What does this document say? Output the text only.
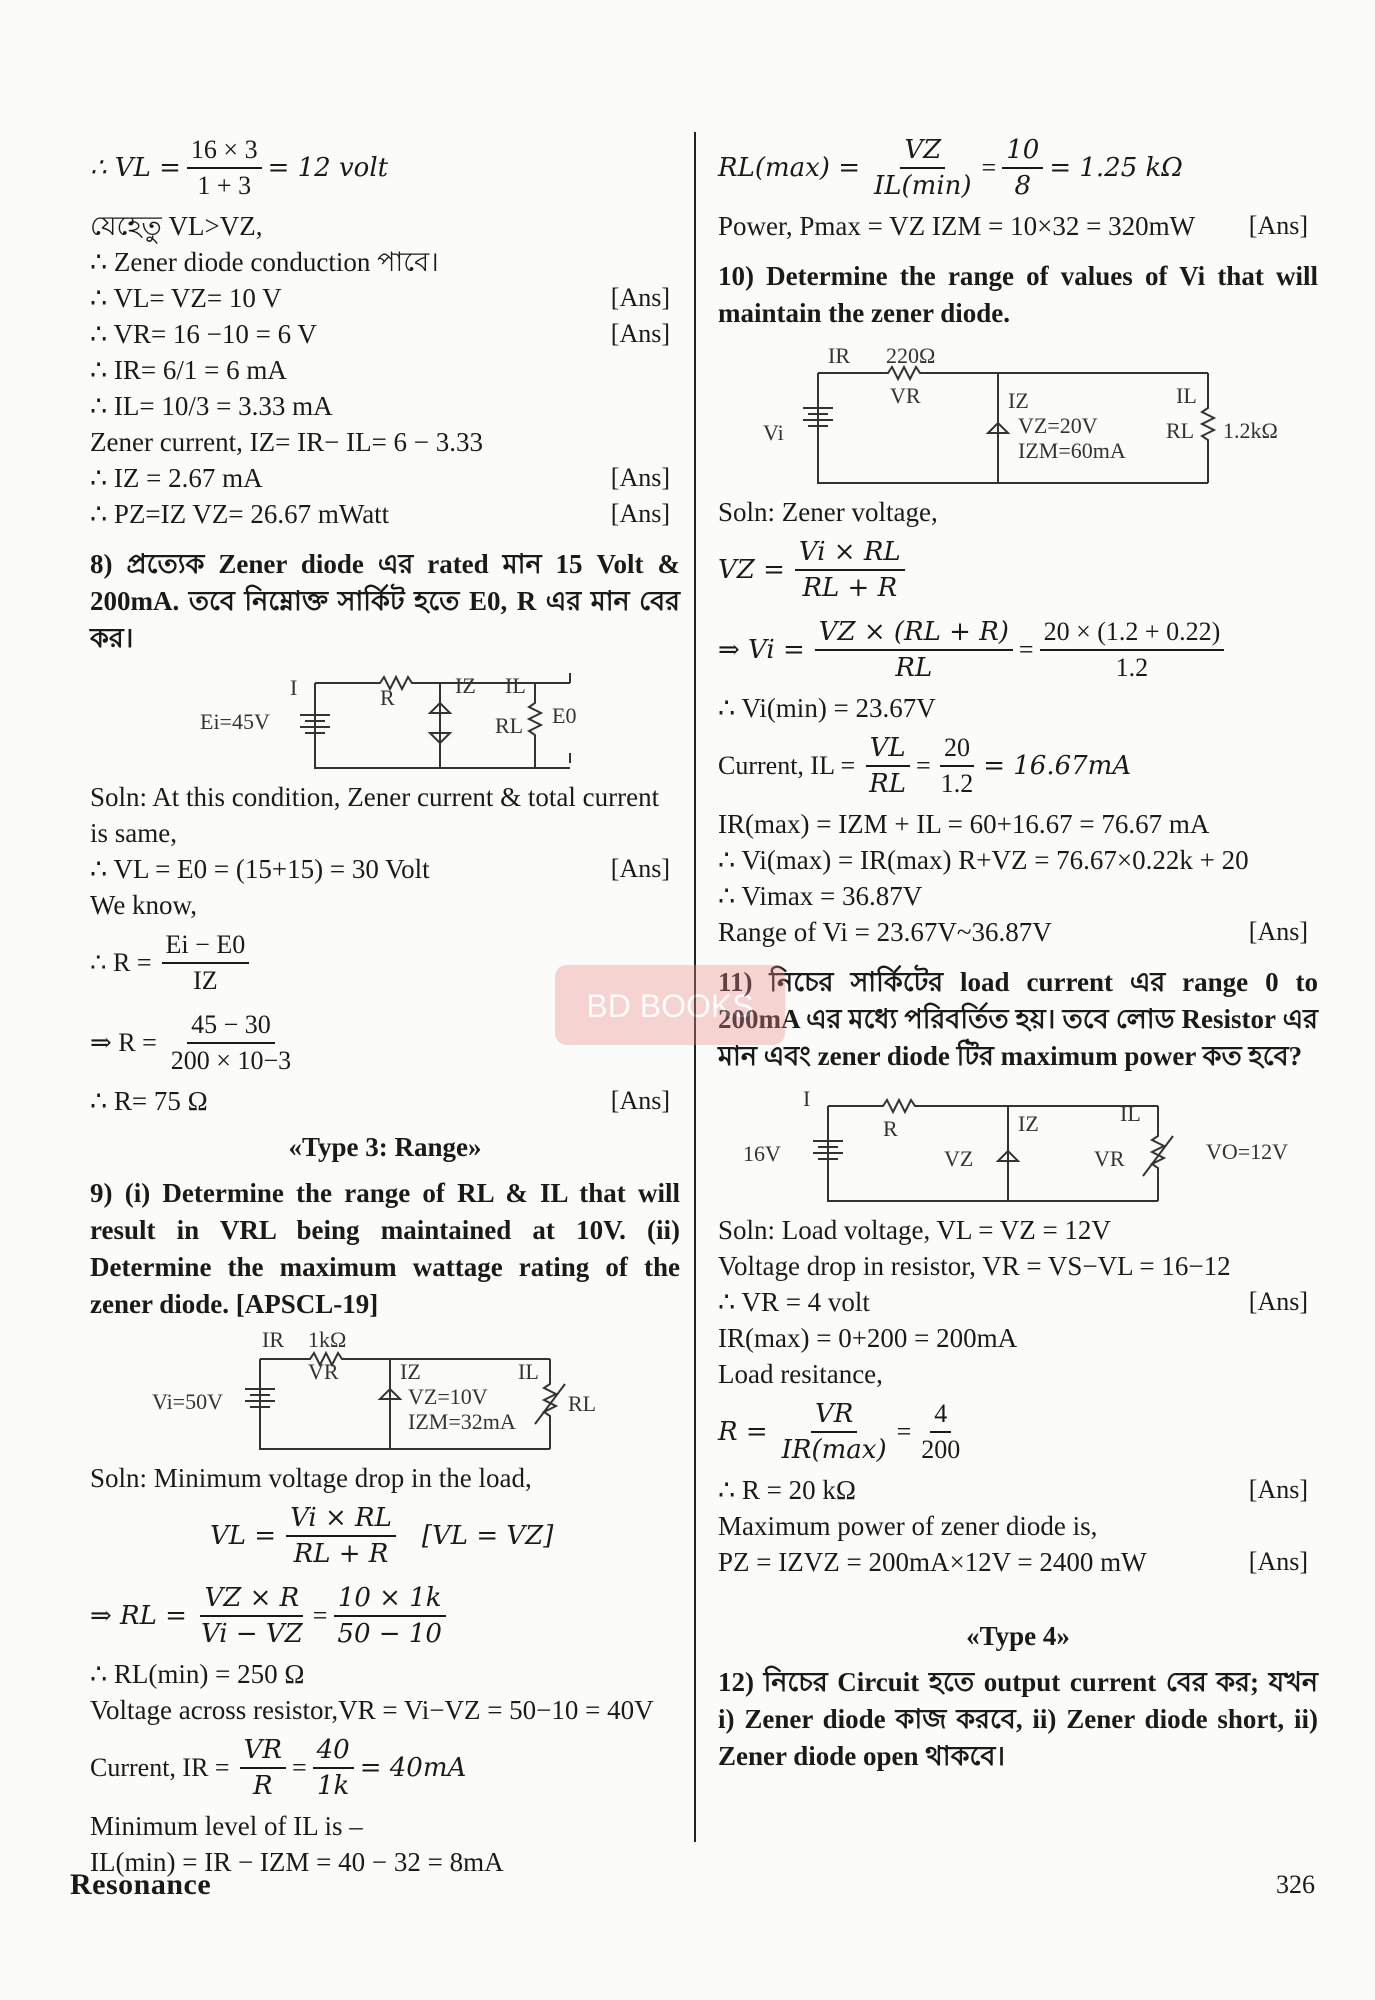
∴ V $L = \frac{16 \times 3}{1 + 3} = 12$ volt
যেহেতু VL>VZ,
∴ Zener diode conduction পাবে।
∴ VL= VZ= 10 V	[Ans]
∴ VR= 16 −10 = 6 V	[Ans]
∴ IR= 6/1 = 6 mA
∴ IL= 10/3 = 3.33 mA
Zener current, IZ= IR− IL= 6 − 3.33
∴ IZ = 2.67 mA	[Ans]
∴ PZ=IZ VZ= 26.67 mWatt	[Ans]
8) প্রত্যেক Zener diode এর rated মান 15 Volt & 200mA. তবে নিম্নোক্ত সার্কিট হতে E0, R এর মান বের কর।
I	R
Ei=45V
IZ IL
RL E0
Soln: At this condition, Zener current & total current is same,
∴ VL = E0 = (15+15) = 30 Volt	[Ans]
We know,
∴ $R = \frac{Ei - E0}{IZ}$
⇒ $R = \frac{45 - 30}{200 \times 10-3}$
∴ R= 75 Ω	[Ans]
«Type 3: Range»
9) (i) Determine the range of RL & IL that will result in VRL being maintained at 10V. (ii) Determine the maximum wattage rating of the zener diode. [APSCL-19]
IR 1kΩ
VR
Vi=50V
IZ
VZ=10V
IZM=32mA
IL
RL
Soln: Minimum voltage drop in the load,
VL = $\frac{Vi \times RL}{RL + R} [VL = VZ]$
⇒ RL = $\frac{VZ \times R}{Vi - VZ} = \frac{10 \times 1k}{50 - 10}$
∴ RL(min) = 250 Ω
Voltage across resistor,VR = Vi−VZ = 50−10 = 40V
Current, IR = $\frac{VR}{R} = \frac{40}{1k} = 40mA$
Minimum level of IL is –
IL(min) = IR − IZM = 40 − 32 = 8mA
$RL(\max) = \frac{VZ}{IL(\min)} = \frac{10}{8} = 1.25$ kΩ
Power, Pmax = VZ IZM = 10×32 = 320mW [Ans]
10) Determine the range of values of Vi that will maintain the zener diode.
IR 220Ω
VR
Vi
IZ
VZ=20V
IZM=60mA
IL
RL 1.2kΩ
Soln: Zener voltage,
VZ = $\frac{Vi \times RL}{RL + R}$
⇒ $Vi = \frac{VZ \times (RL + R)}{RL} = \frac{20 \times (1.2 + 0.22)}{1.2}$
∴ Vi(min) = 23.67V
Current, IL = $\frac{VL}{RL} = \frac{20}{1.2} = 16.67mA$
IR(max) = IZM + IL = 60+16.67 = 76.67 mA
∴ Vi(max) = IR(max) R+VZ = 76.67×0.22k + 20
∴ Vimax = 36.87V
Range of Vi = 23.67V~36.87V	[Ans]
11) নিচের সার্কিটের load current এর range 0 to 200mA এর মধ্যে পরিবর্তিত হয়। তবে লোড Resistor এর মান এবং zener diode টির maximum power কত হবে?
I
R
16V
IZ
VZ
IL
VR	VO=12V
Soln: Load voltage, VL = VZ = 12V
Voltage drop in resistor, VR = VS−VL = 16−12
∴ VR = 4 volt	[Ans]
IR(max) = 0+200 = 200mA
Load resitance,
$R = \frac{VR}{IR(\max)} = \frac{4}{200}$
∴ R = 20 kΩ	[Ans]
Maximum power of zener diode is,
PZ = IZVZ = 200mA×12V = 2400 mW	[Ans]
«Type 4»
12) নিচের Circuit হতে output current বের কর; যখন i) Zener diode কাজ করবে, ii) Zener diode short, ii) Zener diode open থাকবে।
BD BOOKS
Resonance	326
